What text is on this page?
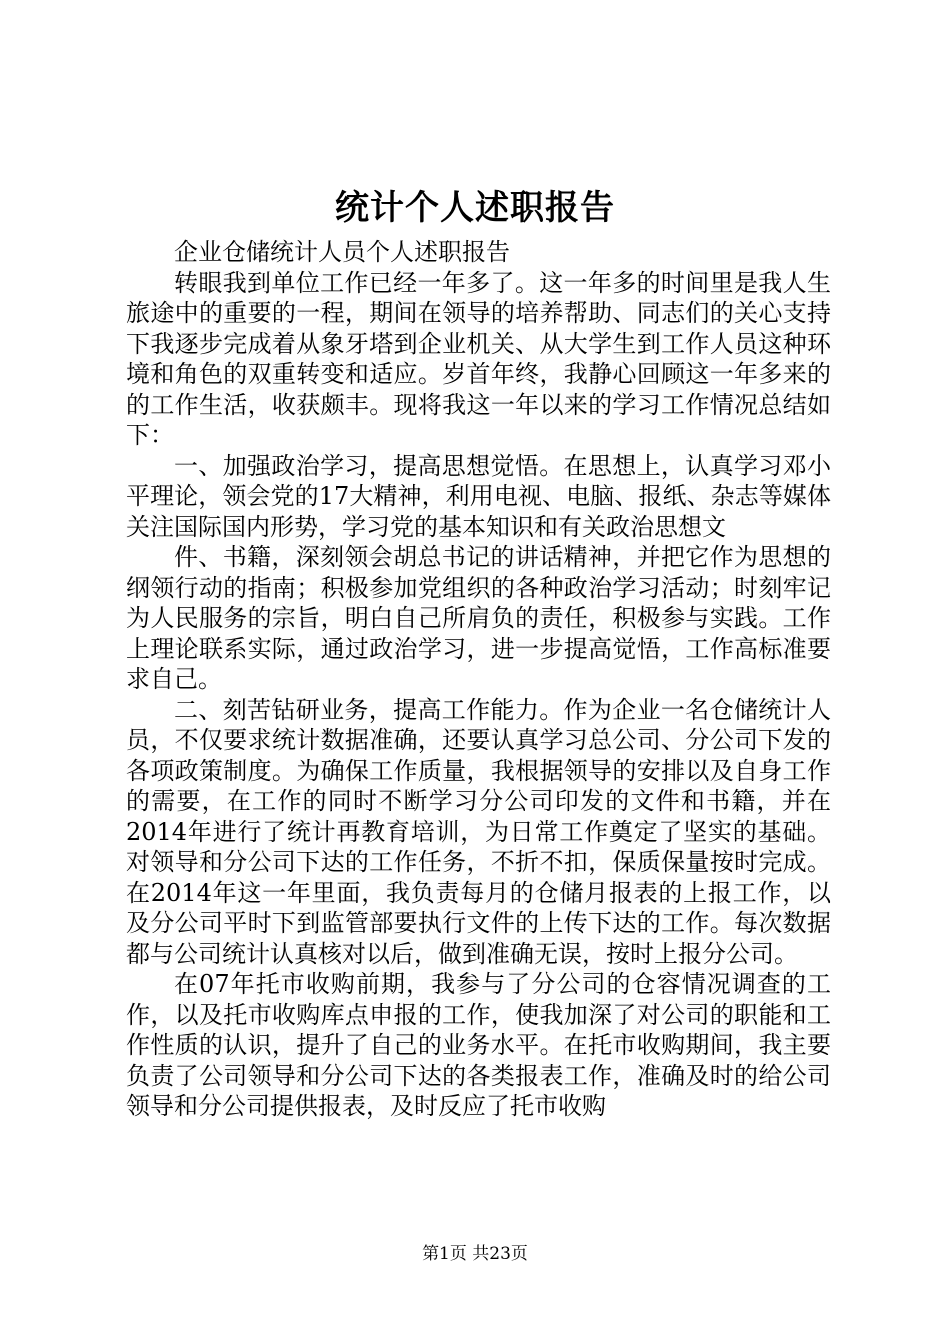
统计个人述职报告

企业仓储统计人员个人述职报告

转眼我到单位工作已经一年多了。这一年多的时间里是我人生旅途中的重要的一程，期间在领导的培养帮助、同志们的关心支持下我逐步完成着从象牙塔到企业机关、从大学生到工作人员这种环境和角色的双重转变和适应。岁首年终，我静心回顾这一年多来的的工作生活，收获颇丰。现将我这一年以来的学习工作情况总结如下：

一、加强政治学习，提高思想觉悟。在思想上，认真学习邓小平理论，领会党的17大精神，利用电视、电脑、报纸、杂志等媒体关注国际国内形势，学习党的基本知识和有关政治思想文

件、书籍，深刻领会胡总书记的讲话精神，并把它作为思想的纲领行动的指南；积极参加党组织的各种政治学习活动；时刻牢记为人民服务的宗旨，明白自己所肩负的责任，积极参与实践。工作上理论联系实际，通过政治学习，进一步提高觉悟，工作高标准要求自己。

二、刻苦钻研业务，提高工作能力。作为企业一名仓储统计人员，不仅要求统计数据准确，还要认真学习总公司、分公司下发的各项政策制度。为确保工作质量，我根据领导的安排以及自身工作的需要，在工作的同时不断学习分公司印发的文件和书籍，并在2014年进行了统计再教育培训，为日常工作奠定了坚实的基础。对领导和分公司下达的工作任务，不折不扣，保质保量按时完成。在2014年这一年里面，我负责每月的仓储月报表的上报工作，以及分公司平时下到监管部要执行文件的上传下达的工作。每次数据都与公司统计认真核对以后，做到准确无误，按时上报分公司。

在07年托市收购前期，我参与了分公司的仓容情况调查的工作，以及托市收购库点申报的工作，使我加深了对公司的职能和工作性质的认识，提升了自己的业务水平。在托市收购期间，我主要负责了公司领导和分公司下达的各类报表工作，准确及时的给公司领导和分公司提供报表，及时反应了托市收购

第1页 共23页
